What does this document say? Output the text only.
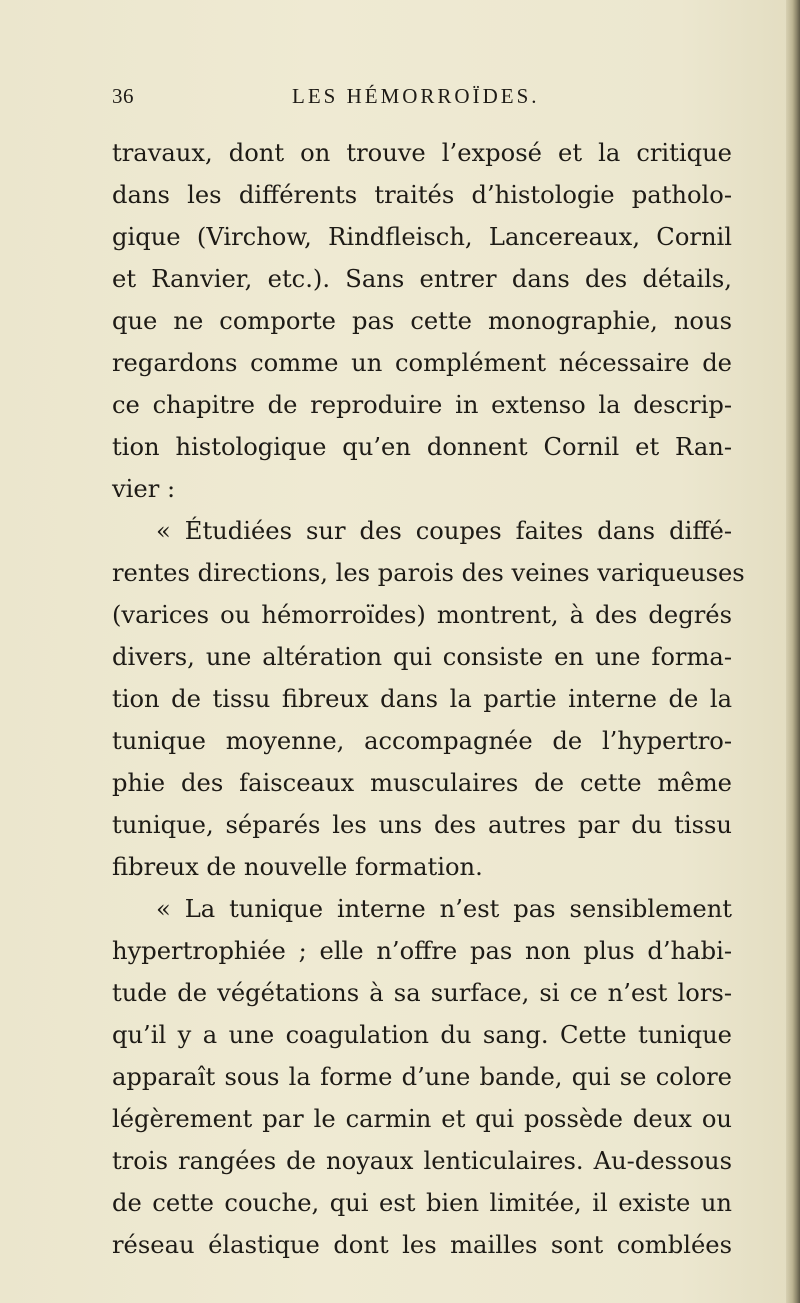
36	LES HÉMORROÏDES.
travaux, dont on trouve l’exposé et la critique
dans les différents traités d’histologie patholo-
gique (Virchow, Rindfleisch, Lancereaux, Cornil
et Ranvier, etc.). Sans entrer dans des détails,
que ne comporte pas cette monographie, nous
regardons comme un complément nécessaire de
ce chapitre de reproduire in extenso la descrip-
tion histologique qu’en donnent Cornil et Ran-
vier :
« Étudiées sur des coupes faites dans diffé-
rentes directions, les parois des veines variqueuses
(varices ou hémorroïdes) montrent, à des degrés
divers, une altération qui consiste en une forma-
tion de tissu fibreux dans la partie interne de la
tunique moyenne, accompagnée de l’hypertro-
phie des faisceaux musculaires de cette même
tunique, séparés les uns des autres par du tissu
fibreux de nouvelle formation.
« La tunique interne n’est pas sensiblement
hypertrophiée ; elle n’offre pas non plus d’habi-
tude de végétations à sa surface, si ce n’est lors-
qu’il y a une coagulation du sang. Cette tunique
apparaît sous la forme d’une bande, qui se colore
légèrement par le carmin et qui possède deux ou
trois rangées de noyaux lenticulaires. Au-dessous
de cette couche, qui est bien limitée, il existe un
réseau élastique dont les mailles sont comblées
